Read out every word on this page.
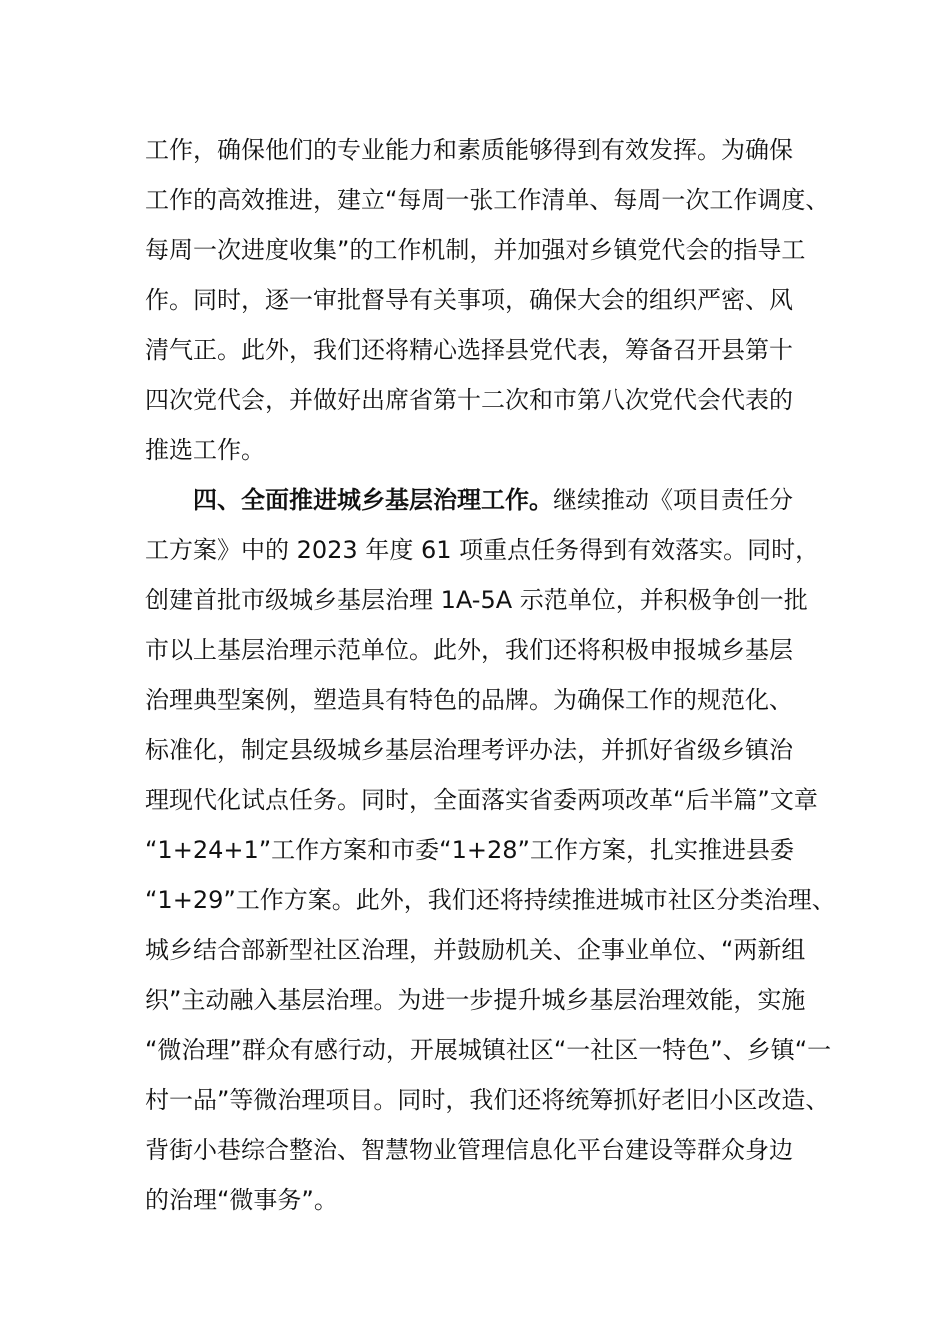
工作，确保他们的专业能力和素质能够得到有效发挥。为确保
工作的高效推进，建立“每周一张工作清单、每周一次工作调度、
每周一次进度收集”的工作机制，并加强对乡镇党代会的指导工
作。同时，逐一审批督导有关事项，确保大会的组织严密、风
清气正。此外，我们还将精心选择县党代表，筹备召开县第十
四次党代会，并做好出席省第十二次和市第八次党代会代表的
推选工作。
四、全面推进城乡基层治理工作。继续推动《项目责任分
工方案》中的 2023 年度 61 项重点任务得到有效落实。同时，
创建首批市级城乡基层治理 1A-5A 示范单位，并积极争创一批
市以上基层治理示范单位。此外，我们还将积极申报城乡基层
治理典型案例，塑造具有特色的品牌。为确保工作的规范化、
标准化，制定县级城乡基层治理考评办法，并抓好省级乡镇治
理现代化试点任务。同时，全面落实省委两项改革“后半篇”文章
“1+24+1”工作方案和市委“1+28”工作方案，扎实推进县委
“1+29”工作方案。此外，我们还将持续推进城市社区分类治理、
城乡结合部新型社区治理，并鼓励机关、企事业单位、“两新组
织”主动融入基层治理。为进一步提升城乡基层治理效能，实施
“微治理”群众有感行动，开展城镇社区“一社区一特色”、乡镇“一
村一品”等微治理项目。同时，我们还将统筹抓好老旧小区改造、
背街小巷综合整治、智慧物业管理信息化平台建设等群众身边
的治理“微事务”。
